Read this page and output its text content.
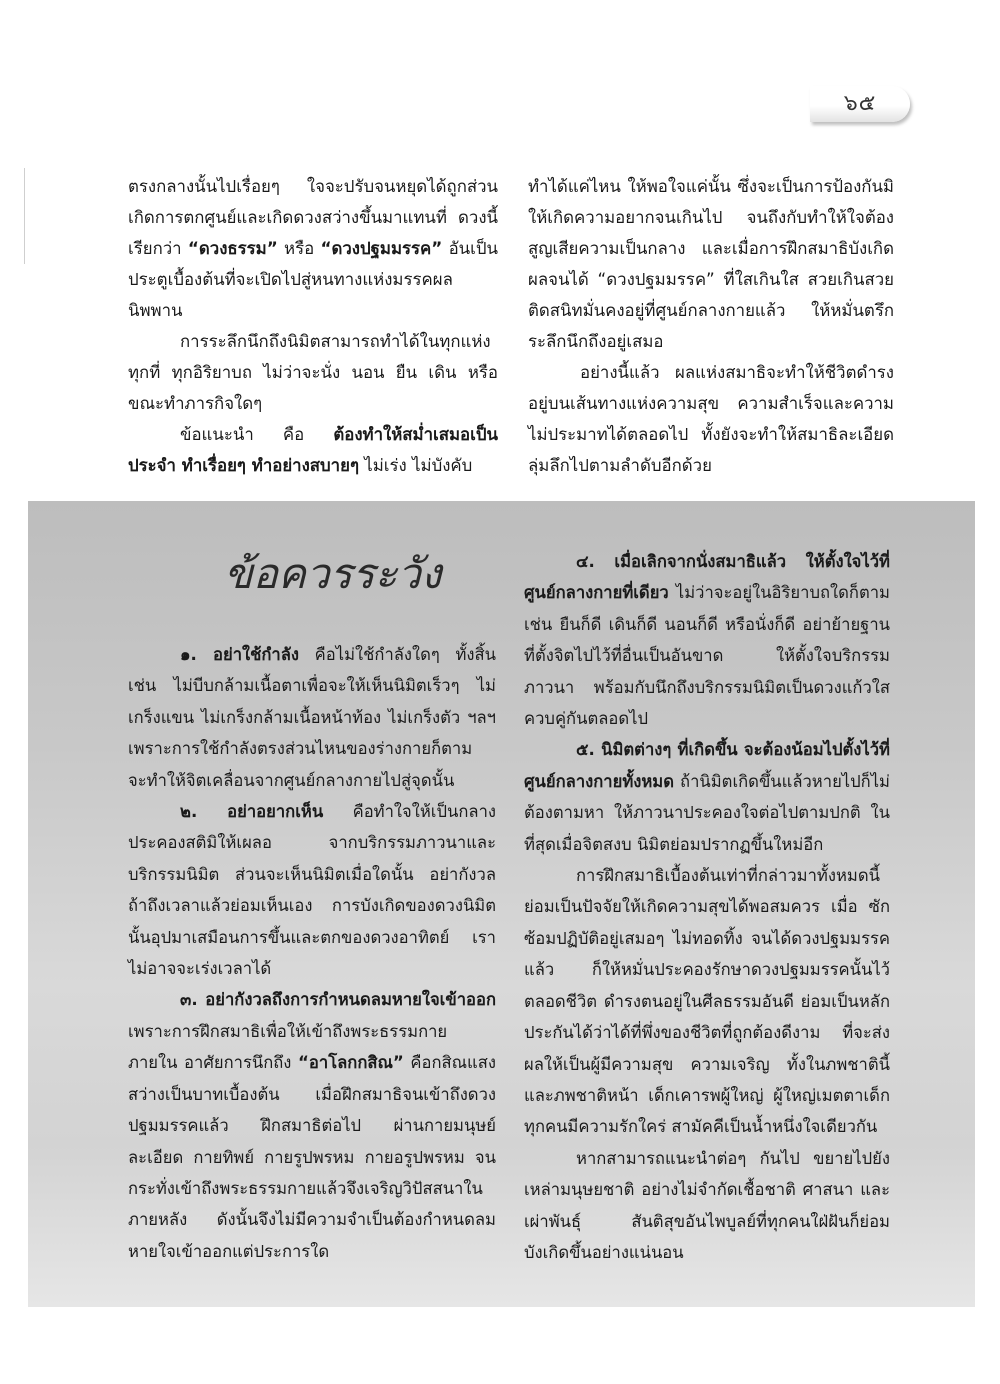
๖๕

ตรงกลางนั้นไปเรื่อยๆ ใจจะปรับจนหยุดได้ถูกส่วน เกิดการตกศูนย์และเกิดดวงสว่างขึ้นมาแทนที่ ดวงนี้เรียกว่า “ดวงธรรม” หรือ “ดวงปฐมมรรค” อันเป็นประตูเบื้องต้นที่จะเปิดไปสู่หนทางแห่งมรรคผลนิพพาน

การระลึกนึกถึงนิมิตสามารถทำได้ในทุกแห่ง ทุกที่ ทุกอิริยาบถ ไม่ว่าจะนั่ง นอน ยืน เดิน หรือขณะทำภารกิจใดๆ

ข้อแนะนำ คือ ต้องทำให้สม่ำเสมอเป็นประจำ ทำเรื่อยๆ ทำอย่างสบายๆ ไม่เร่ง ไม่บังคับ

ทำได้แค่ไหน ให้พอใจแค่นั้น ซึ่งจะเป็นการป้องกันมิให้เกิดความอยากจนเกินไป จนถึงกับทำให้ใจต้องสูญเสียความเป็นกลาง และเมื่อการฝึกสมาธิบังเกิดผลจนได้ “ดวงปฐมมรรค” ที่ใสเกินใส สวยเกินสวย ติดสนิทมั่นคงอยู่ที่ศูนย์กลางกายแล้ว ให้หมั่นตรึกระลึกนึกถึงอยู่เสมอ

อย่างนี้แล้ว ผลแห่งสมาธิจะทำให้ชีวิตดำรงอยู่บนเส้นทางแห่งความสุข ความสำเร็จและความไม่ประมาทได้ตลอดไป ทั้งยังจะทำให้สมาธิละเอียดลุ่มลึกไปตามลำดับอีกด้วย

ข้อควรระวัง

๑. อย่าใช้กำลัง คือไม่ใช้กำลังใดๆ ทั้งสิ้น เช่น ไม่บีบกล้ามเนื้อตาเพื่อจะให้เห็นนิมิตเร็วๆ ไม่เกร็งแขน ไม่เกร็งกล้ามเนื้อหน้าท้อง ไม่เกร็งตัว ฯลฯ เพราะการใช้กำลังตรงส่วนไหนของร่างกายก็ตาม จะทำให้จิตเคลื่อนจากศูนย์กลางกายไปสู่จุดนั้น

๒. อย่าอยากเห็น คือทำใจให้เป็นกลาง ประคองสติมิให้เผลอ จากบริกรรมภาวนาและบริกรรมนิมิต ส่วนจะเห็นนิมิตเมื่อใดนั้น อย่ากังวล ถ้าถึงเวลาแล้วย่อมเห็นเอง การบังเกิดของดวงนิมิตนั้นอุปมาเสมือนการขึ้นและตกของดวงอาทิตย์ เราไม่อาจจะเร่งเวลาได้

๓. อย่ากังวลถึงการกำหนดลมหายใจเข้าออก เพราะการฝึกสมาธิเพื่อให้เข้าถึงพระธรรมกายภายใน อาศัยการนึกถึง “อาโลกกสิณ” คือกสิณแสงสว่างเป็นบาทเบื้องต้น เมื่อฝึกสมาธิจนเข้าถึงดวงปฐมมรรคแล้ว ฝึกสมาธิต่อไป ผ่านกายมนุษย์ละเอียด กายทิพย์ กายรูปพรหม กายอรูปพรหม จนกระทั่งเข้าถึงพระธรรมกายแล้วจึงเจริญวิปัสสนาในภายหลัง ดังนั้นจึงไม่มีความจำเป็นต้องกำหนดลมหายใจเข้าออกแต่ประการใด

๔. เมื่อเลิกจากนั่งสมาธิแล้ว ให้ตั้งใจไว้ที่ศูนย์กลางกายที่เดียว ไม่ว่าจะอยู่ในอิริยาบถใดก็ตาม เช่น ยืนก็ดี เดินก็ดี นอนก็ดี หรือนั่งก็ดี อย่าย้ายฐานที่ตั้งจิตไปไว้ที่อื่นเป็นอันขาด ให้ตั้งใจบริกรรมภาวนา พร้อมกับนึกถึงบริกรรมนิมิตเป็นดวงแก้วใสควบคู่กันตลอดไป

๕. นิมิตต่างๆ ที่เกิดขึ้น จะต้องน้อมไปตั้งไว้ที่ศูนย์กลางกายทั้งหมด ถ้านิมิตเกิดขึ้นแล้วหายไปก็ไม่ต้องตามหา ให้ภาวนาประคองใจต่อไปตามปกติ ในที่สุดเมื่อจิตสงบ นิมิตย่อมปรากฏขึ้นใหม่อีก

การฝึกสมาธิเบื้องต้นเท่าที่กล่าวมาทั้งหมดนี้ย่อมเป็นปัจจัยให้เกิดความสุขได้พอสมควร เมื่อ ซักซ้อมปฏิบัติอยู่เสมอๆ ไม่ทอดทิ้ง จนได้ดวงปฐมมรรคแล้ว ก็ให้หมั่นประคองรักษาดวงปฐมมรรคนั้นไว้ตลอดชีวิต ดำรงตนอยู่ในศีลธรรมอันดี ย่อมเป็นหลักประกันได้ว่าได้ที่พึ่งของชีวิตที่ถูกต้องดีงาม ที่จะส่งผลให้เป็นผู้มีความสุข ความเจริญ ทั้งในภพชาตินี้และภพชาติหน้า เด็กเคารพผู้ใหญ่ ผู้ใหญ่เมตตาเด็ก ทุกคนมีความรักใคร่ สามัคคีเป็นน้ำหนึ่งใจเดียวกัน

หากสามารถแนะนำต่อๆ กันไป ขยายไปยังเหล่ามนุษยชาติ อย่างไม่จำกัดเชื้อชาติ ศาสนา และเผ่าพันธุ์ สันติสุขอันไพบูลย์ที่ทุกคนใฝ่ฝันก็ย่อมบังเกิดขึ้นอย่างแน่นอน
